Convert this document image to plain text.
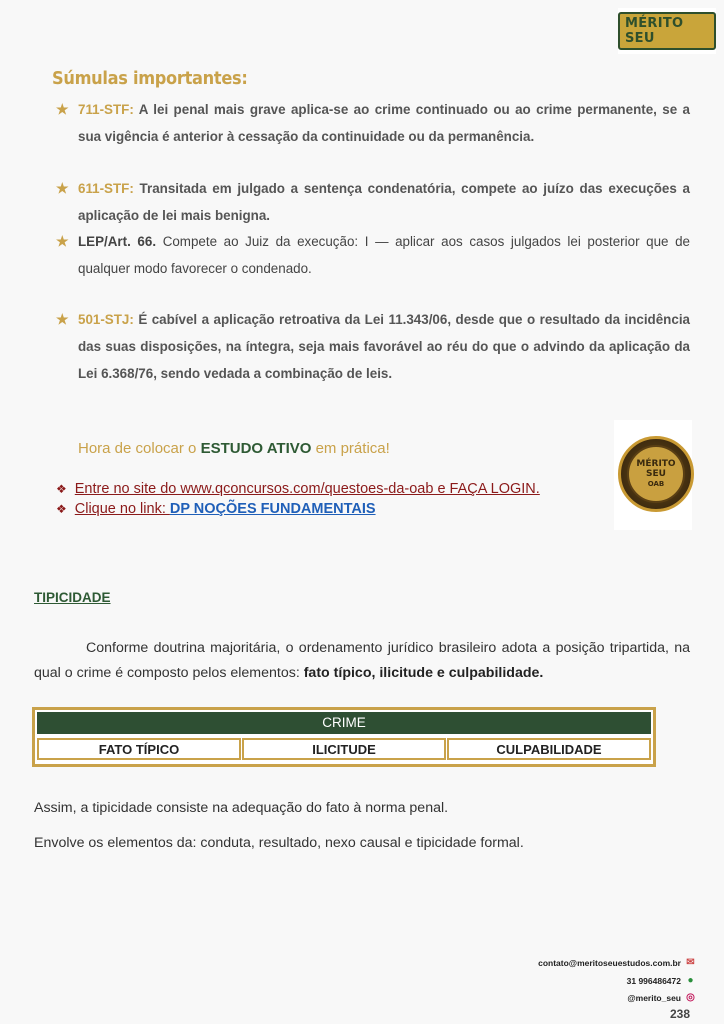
MÉRITO SEU
Súmulas importantes:
★ 711-STF: A lei penal mais grave aplica-se ao crime continuado ou ao crime permanente, se a sua vigência é anterior à cessação da continuidade ou da permanência.
★ 611-STF: Transitada em julgado a sentença condenatória, compete ao juízo das execuções a aplicação de lei mais benigna.
★ LEP/Art. 66. Compete ao Juiz da execução: I — aplicar aos casos julgados lei posterior que de qualquer modo favorecer o condenado.
★ 501-STJ: É cabível a aplicação retroativa da Lei 11.343/06, desde que o resultado da incidência das suas disposições, na íntegra, seja mais favorável ao réu do que o advindo da aplicação da Lei 6.368/76, sendo vedada a combinação de leis.
Hora de colocar o ESTUDO ATIVO em prática!
❖ Entre no site do www.qconcursos.com/questoes-da-oab e FAÇA LOGIN.
❖ Clique no link: DP NOÇÕES FUNDAMENTAIS
MÉRITO
SEU
OAB
TIPICIDADE
Conforme doutrina majoritária, o ordenamento jurídico brasileiro adota a posição tripartida, na qual o crime é composto pelos elementos: fato típico, ilicitude e culpabilidade.
CRIME
FATO TÍPICO	ILICITUDE	CULPABILIDADE
Assim, a tipicidade consiste na adequação do fato à norma penal.
Envolve os elementos da: conduta, resultado, nexo causal e tipicidade formal.
contato@meritoseuestudos.com.br ✉
31 996486472 ●
@merito_seu ◎
238
